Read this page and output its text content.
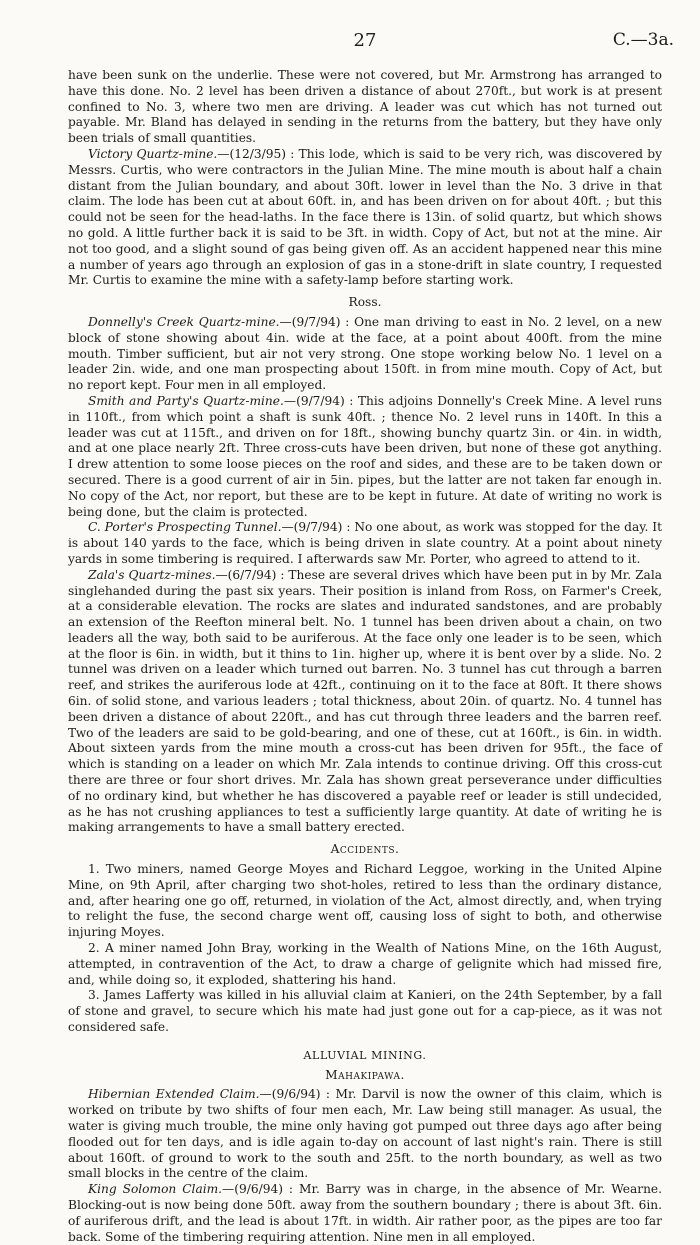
27	C.—3a.

have been sunk on the underlie. These were not covered, but Mr. Armstrong has arranged to have this done. No. 2 level has been driven a distance of about 270ft., but work is at present confined to No. 3, where two men are driving. A leader was cut which has not turned out payable. Mr. Bland has delayed in sending in the returns from the battery, but they have only been trials of small quantities.

Victory Quartz-mine.—(12/3/95) : This lode, which is said to be very rich, was discovered by Messrs. Curtis, who were contractors in the Julian Mine. The mine mouth is about half a chain distant from the Julian boundary, and about 30ft. lower in level than the No. 3 drive in that claim. The lode has been cut at about 60ft. in, and has been driven on for about 40ft. ; but this could not be seen for the head-laths. In the face there is 13in. of solid quartz, but which shows no gold. A little further back it is said to be 3ft. in width. Copy of Act, but not at the mine. Air not too good, and a slight sound of gas being given off. As an accident happened near this mine a number of years ago through an explosion of gas in a stone-drift in slate country, I requested Mr. Curtis to examine the mine with a safety-lamp before starting work.

Ross.

Donnelly's Creek Quartz-mine.—(9/7/94) : One man driving to east in No. 2 level, on a new block of stone showing about 4in. wide at the face, at a point about 400ft. from the mine mouth. Timber sufficient, but air not very strong. One stope working below No. 1 level on a leader 2in. wide, and one man prospecting about 150ft. in from mine mouth. Copy of Act, but no report kept. Four men in all employed.

Smith and Party's Quartz-mine.—(9/7/94) : This adjoins Donnelly's Creek Mine. A level runs in 110ft., from which point a shaft is sunk 40ft. ; thence No. 2 level runs in 140ft. In this a leader was cut at 115ft., and driven on for 18ft., showing bunchy quartz 3in. or 4in. in width, and at one place nearly 2ft. Three cross-cuts have been driven, but none of these got anything. I drew attention to some loose pieces on the roof and sides, and these are to be taken down or secured. There is a good current of air in 5in. pipes, but the latter are not taken far enough in. No copy of the Act, nor report, but these are to be kept in future. At date of writing no work is being done, but the claim is protected.

C. Porter's Prospecting Tunnel.—(9/7/94) : No one about, as work was stopped for the day. It is about 140 yards to the face, which is being driven in slate country. At a point about ninety yards in some timbering is required. I afterwards saw Mr. Porter, who agreed to attend to it.

Zala's Quartz-mines.—(6/7/94) : These are several drives which have been put in by Mr. Zala singlehanded during the past six years. Their position is inland from Ross, on Farmer's Creek, at a considerable elevation. The rocks are slates and indurated sandstones, and are probably an extension of the Reefton mineral belt. No. 1 tunnel has been driven about a chain, on two leaders all the way, both said to be auriferous. At the face only one leader is to be seen, which at the floor is 6in. in width, but it thins to 1in. higher up, where it is bent over by a slide. No. 2 tunnel was driven on a leader which turned out barren. No. 3 tunnel has cut through a barren reef, and strikes the auriferous lode at 42ft., continuing on it to the face at 80ft. It there shows 6in. of solid stone, and various leaders ; total thickness, about 20in. of quartz. No. 4 tunnel has been driven a distance of about 220ft., and has cut through three leaders and the barren reef. Two of the leaders are said to be gold-bearing, and one of these, cut at 160ft., is 6in. in width. About sixteen yards from the mine mouth a cross-cut has been driven for 95ft., the face of which is standing on a leader on which Mr. Zala intends to continue driving. Off this cross-cut there are three or four short drives. Mr. Zala has shown great perseverance under difficulties of no ordinary kind, but whether he has discovered a payable reef or leader is still undecided, as he has not crushing appliances to test a sufficiently large quantity. At date of writing he is making arrangements to have a small battery erected.

Accidents.

1. Two miners, named George Moyes and Richard Leggoe, working in the United Alpine Mine, on 9th April, after charging two shot-holes, retired to less than the ordinary distance, and, after hearing one go off, returned, in violation of the Act, almost directly, and, when trying to relight the fuse, the second charge went off, causing loss of sight to both, and otherwise injuring Moyes.

2. A miner named John Bray, working in the Wealth of Nations Mine, on the 16th August, attempted, in contravention of the Act, to draw a charge of gelignite which had missed fire, and, while doing so, it exploded, shattering his hand.

3. James Lafferty was killed in his alluvial claim at Kanieri, on the 24th September, by a fall of stone and gravel, to secure which his mate had just gone out for a cap-piece, as it was not considered safe.

ALLUVIAL MINING.
Mahakipawa.

Hibernian Extended Claim.—(9/6/94) : Mr. Darvil is now the owner of this claim, which is worked on tribute by two shifts of four men each, Mr. Law being still manager. As usual, the water is giving much trouble, the mine only having got pumped out three days ago after being flooded out for ten days, and is idle again to-day on account of last night's rain. There is still about 160ft. of ground to work to the south and 25ft. to the north boundary, as well as two small blocks in the centre of the claim.

King Solomon Claim.—(9/6/94) : Mr. Barry was in charge, in the absence of Mr. Wearne. Blocking-out is now being done 50ft. away from the southern boundary ; there is about 3ft. 6in. of auriferous drift, and the lead is about 17ft. in width. Air rather poor, as the pipes are too far back. Some of the timbering requiring attention. Nine men in all employed.
